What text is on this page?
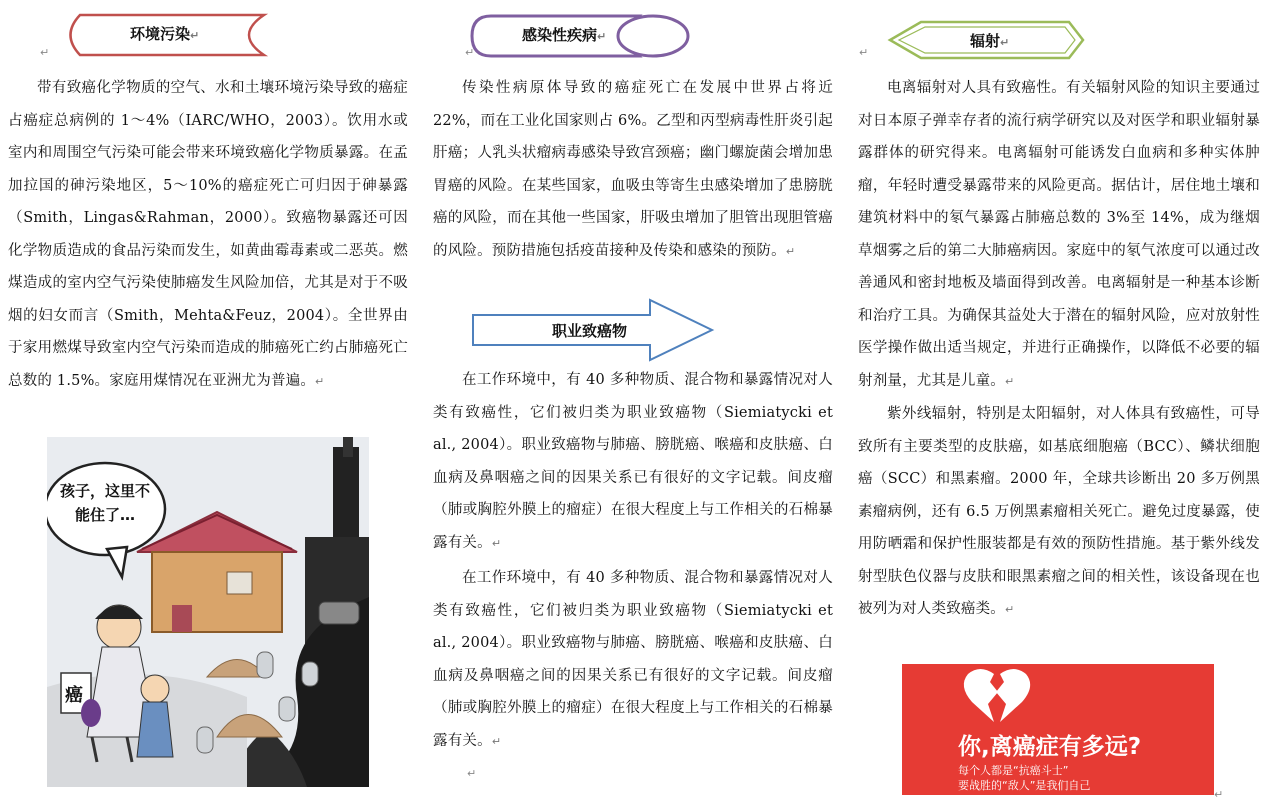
环境污染↵	感染性疾病↵	辐射↵
职业致癌物
↵	↵	↵
↵
↵

带有致癌化学物质的空气、水和土壤环境污染导致的癌症占癌症总病例的 1～4%（IARC/WHO，2003）。饮用水或室内和周围空气污染可能会带来环境致癌化学物质暴露。在孟加拉国的砷污染地区，5～10%的癌症死亡可归因于砷暴露（Smith，Lingas&Rahman，2000）。致癌物暴露还可因化学物质造成的食品污染而发生，如黄曲霉毒素或二恶英。燃煤造成的室内空气污染使肺癌发生风险加倍，尤其是对于不吸烟的妇女而言（Smith，Mehta&Feuz，2004）。全世界由于家用燃煤导致室内空气污染而造成的肺癌死亡约占肺癌死亡总数的 1.5%。家庭用煤情况在亚洲尤为普遍。↵

传染性病原体导致的癌症死亡在发展中世界占将近 22%，而在工业化国家则占 6%。乙型和丙型病毒性肝炎引起肝癌；人乳头状瘤病毒感染导致宫颈癌；幽门螺旋菌会增加患胃癌的风险。在某些国家，血吸虫等寄生虫感染增加了患膀胱癌的风险，而在其他一些国家，肝吸虫增加了胆管出现胆管癌的风险。预防措施包括疫苗接种及传染和感染的预防。↵

在工作环境中，有 40 多种物质、混合物和暴露情况对人类有致癌性，它们被归类为职业致癌物（Siemiatycki et al., 2004）。职业致癌物与肺癌、膀胱癌、喉癌和皮肤癌、白血病及鼻咽癌之间的因果关系已有很好的文字记载。间皮瘤（肺或胸腔外膜上的瘤症）在很大程度上与工作相关的石棉暴露有关。↵

在工作环境中，有 40 多种物质、混合物和暴露情况对人类有致癌性，它们被归类为职业致癌物（Siemiatycki et al., 2004）。职业致癌物与肺癌、膀胱癌、喉癌和皮肤癌、白血病及鼻咽癌之间的因果关系已有很好的文字记载。间皮瘤（肺或胸腔外膜上的瘤症）在很大程度上与工作相关的石棉暴露有关。↵

电离辐射对人具有致癌性。有关辐射风险的知识主要通过对日本原子弹幸存者的流行病学研究以及对医学和职业辐射暴露群体的研究得来。电离辐射可能诱发白血病和多种实体肿瘤，年轻时遭受暴露带来的风险更高。据估计，居住地土壤和建筑材料中的氡气暴露占肺癌总数的 3%至 14%，成为继烟草烟雾之后的第二大肺癌病因。家庭中的氡气浓度可以通过改善通风和密封地板及墙面得到改善。电离辐射是一种基本诊断和治疗工具。为确保其益处大于潜在的辐射风险，应对放射性医学操作做出适当规定，并进行正确操作，以降低不必要的辐射剂量，尤其是儿童。↵

紫外线辐射，特别是太阳辐射，对人体具有致癌性，可导致所有主要类型的皮肤癌，如基底细胞癌（BCC）、鳞状细胞癌（SCC）和黑素瘤。2000 年，全球共诊断出 20 多万例黑素瘤病例，还有 6.5 万例黑素瘤相关死亡。避免过度暴露，使用防晒霜和保护性服装都是有效的预防性措施。基于紫外线发射型肤色仪器与皮肤和眼黑素瘤之间的相关性，该设备现在也被列为对人类致癌类。↵

孩子，这里不能住了…
癌
你,离癌症有多远?
每个人都是“抗癌斗士”
要战胜的“敌人”是我们自己
